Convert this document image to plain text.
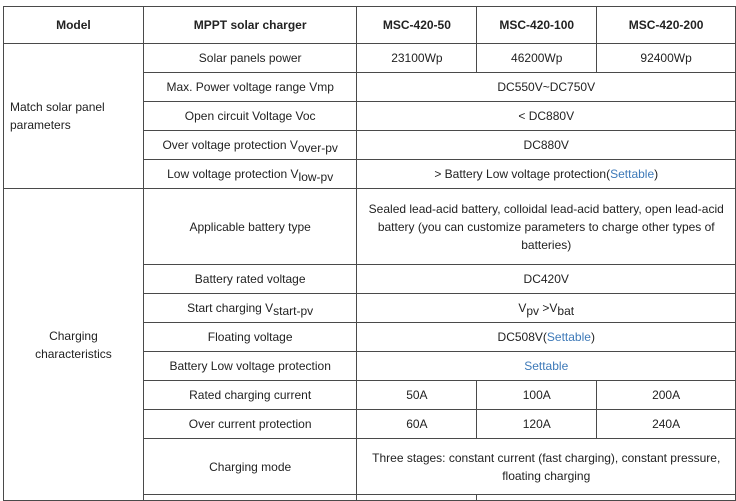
Model	MPPT solar charger	MSC-420-50	MSC-420-100	MSC-420-200
Match solar panel parameters	Solar panels power	23100Wp	46200Wp	92400Wp
	Max. Power voltage range Vmp	DC550V~DC750V		
	Open circuit Voltage Voc	< DC880V		
	Over voltage protection $V_{over-pv}$	DC880V		
	Low voltage protection $V_{low-pv}$	> Battery Low voltage protection(Settable)		
Charging characteristics	Applicable battery type	Sealed lead-acid battery, colloidal lead-acid battery, open lead-acid battery (you can customize parameters to charge other types of batteries)		
	Battery rated voltage	DC420V		
	Start charging $V_{start-pv}$	$V_{pv} >V_{bat}$
	Floating voltage	DC508V(Settable)		
	Battery Low voltage protection	Settable		
	Rated charging current	50A	100A	200A
	Over current protection	60A	120A	240A
	Charging mode	Three stages: constant current (fast charging), constant pressure, floating charging		
